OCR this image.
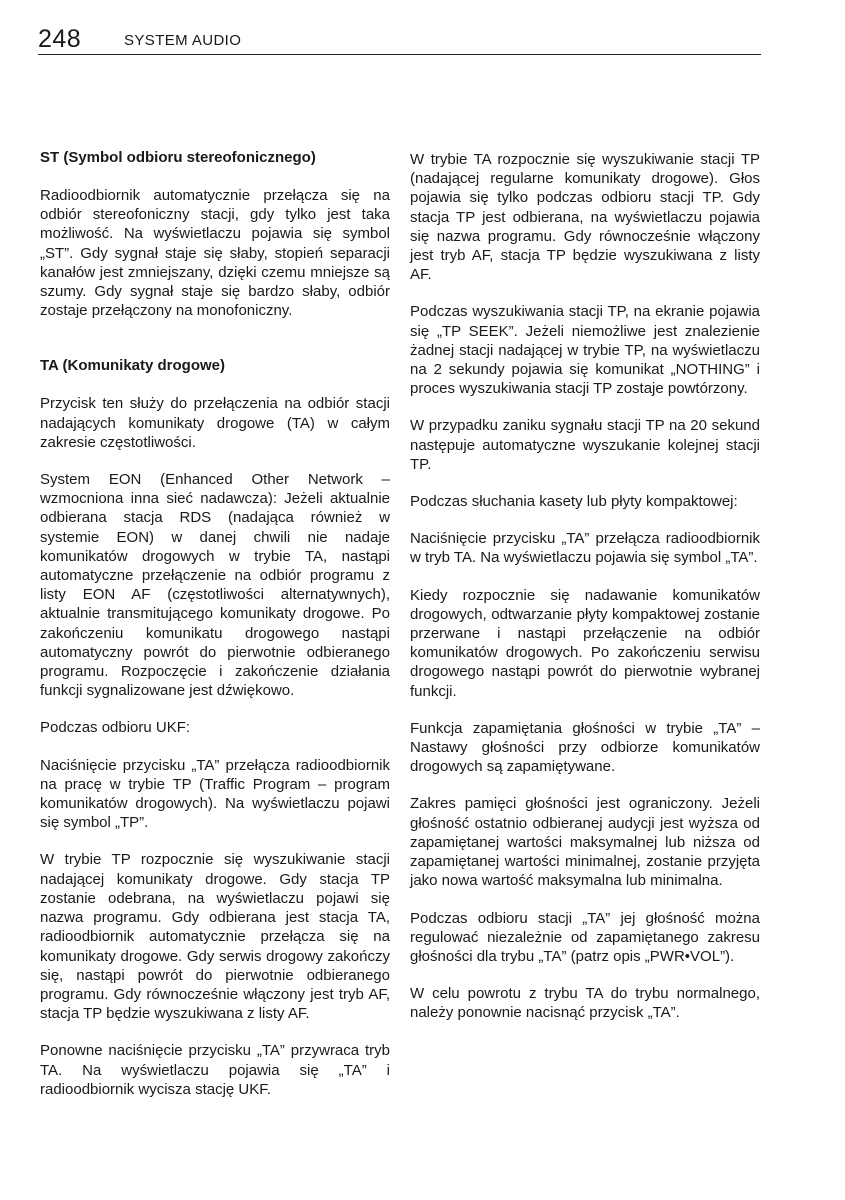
248	SYSTEM AUDIO
ST (Symbol odbioru stereofonicznego)

Radioodbiornik automatycznie przełącza się na odbiór stereofoniczny stacji, gdy tylko jest taka możliwość. Na wyświetlaczu pojawia się symbol „ST”. Gdy sygnał staje się słaby, stopień separacji kanałów jest zmniejszany, dzięki czemu mniejsze są szumy. Gdy sygnał staje się bardzo słaby, odbiór zostaje przełączony na monofoniczny.

TA (Komunikaty drogowe)

Przycisk ten służy do przełączenia na odbiór stacji nadających komunikaty drogowe (TA) w całym zakresie częstotliwości.

System EON (Enhanced Other Network – wzmocniona inna sieć nadawcza): Jeżeli aktualnie odbierana stacja RDS (nadająca również w systemie EON) w danej chwili nie nadaje komunikatów drogowych w trybie TA, nastąpi automatyczne przełączenie na odbiór programu z listy EON AF (częstotliwości alternatywnych), aktualnie transmitującego komunikaty drogowe. Po zakończeniu komunikatu drogowego nastąpi automatyczny powrót do pierwotnie odbieranego programu. Rozpoczęcie i zakończenie działania funkcji sygnalizowane jest dźwiękowo.

Podczas odbioru UKF:

Naciśnięcie przycisku „TA” przełącza radioodbiornik na pracę w trybie TP (Traffic Program – program komunikatów drogowych). Na wyświetlaczu pojawi się symbol „TP”.

W trybie TP rozpocznie się wyszukiwanie stacji nadającej komunikaty drogowe. Gdy stacja TP zostanie odebrana, na wyświetlaczu pojawi się nazwa programu. Gdy odbierana jest stacja TA, radioodbiornik automatycznie przełącza się na komunikaty drogowe. Gdy serwis drogowy zakończy się, nastąpi powrót do pierwotnie odbieranego programu. Gdy równocześnie włączony jest tryb AF, stacja TP będzie wyszukiwana z listy AF.

Ponowne naciśnięcie przycisku „TA” przywraca tryb TA. Na wyświetlaczu pojawia się „TA” i radioodbiornik wycisza stację UKF.

W trybie TA rozpocznie się wyszukiwanie stacji TP (nadającej regularne komunikaty drogowe). Głos pojawia się tylko podczas odbioru stacji TP. Gdy stacja TP jest odbierana, na wyświetlaczu pojawia się nazwa programu. Gdy równocześnie włączony jest tryb AF, stacja TP będzie wyszukiwana z listy AF.

Podczas wyszukiwania stacji TP, na ekranie pojawia się „TP SEEK”. Jeżeli niemożliwe jest znalezienie żadnej stacji nadającej w trybie TP, na wyświetlaczu na 2 sekundy pojawia się komunikat „NOTHING” i proces wyszukiwania stacji TP zostaje powtórzony.

W przypadku zaniku sygnału stacji TP na 20 sekund następuje automatyczne wyszukanie kolejnej stacji TP.

Podczas słuchania kasety lub płyty kompaktowej:

Naciśnięcie przycisku „TA” przełącza radioodbiornik w tryb TA. Na wyświetlaczu pojawia się symbol „TA”.

Kiedy rozpocznie się nadawanie komunikatów drogowych, odtwarzanie płyty kompaktowej zostanie przerwane i nastąpi przełączenie na odbiór komunikatów drogowych. Po zakończeniu serwisu drogowego nastąpi powrót do pierwotnie wybranej funkcji.

Funkcja zapamiętania głośności w trybie „TA” – Nastawy głośności przy odbiorze komunikatów drogowych są zapamiętywane.

Zakres pamięci głośności jest ograniczony. Jeżeli głośność ostatnio odbieranej audycji jest wyższa od zapamiętanej wartości maksymalnej lub niższa od zapamiętanej wartości minimalnej, zostanie przyjęta jako nowa wartość maksymalna lub minimalna.

Podczas odbioru stacji „TA” jej głośność można regulować niezależnie od zapamiętanego zakresu głośności dla trybu „TA” (patrz opis „PWR•VOL”).

W celu powrotu z trybu TA do trybu normalnego, należy ponownie nacisnąć przycisk „TA”.
